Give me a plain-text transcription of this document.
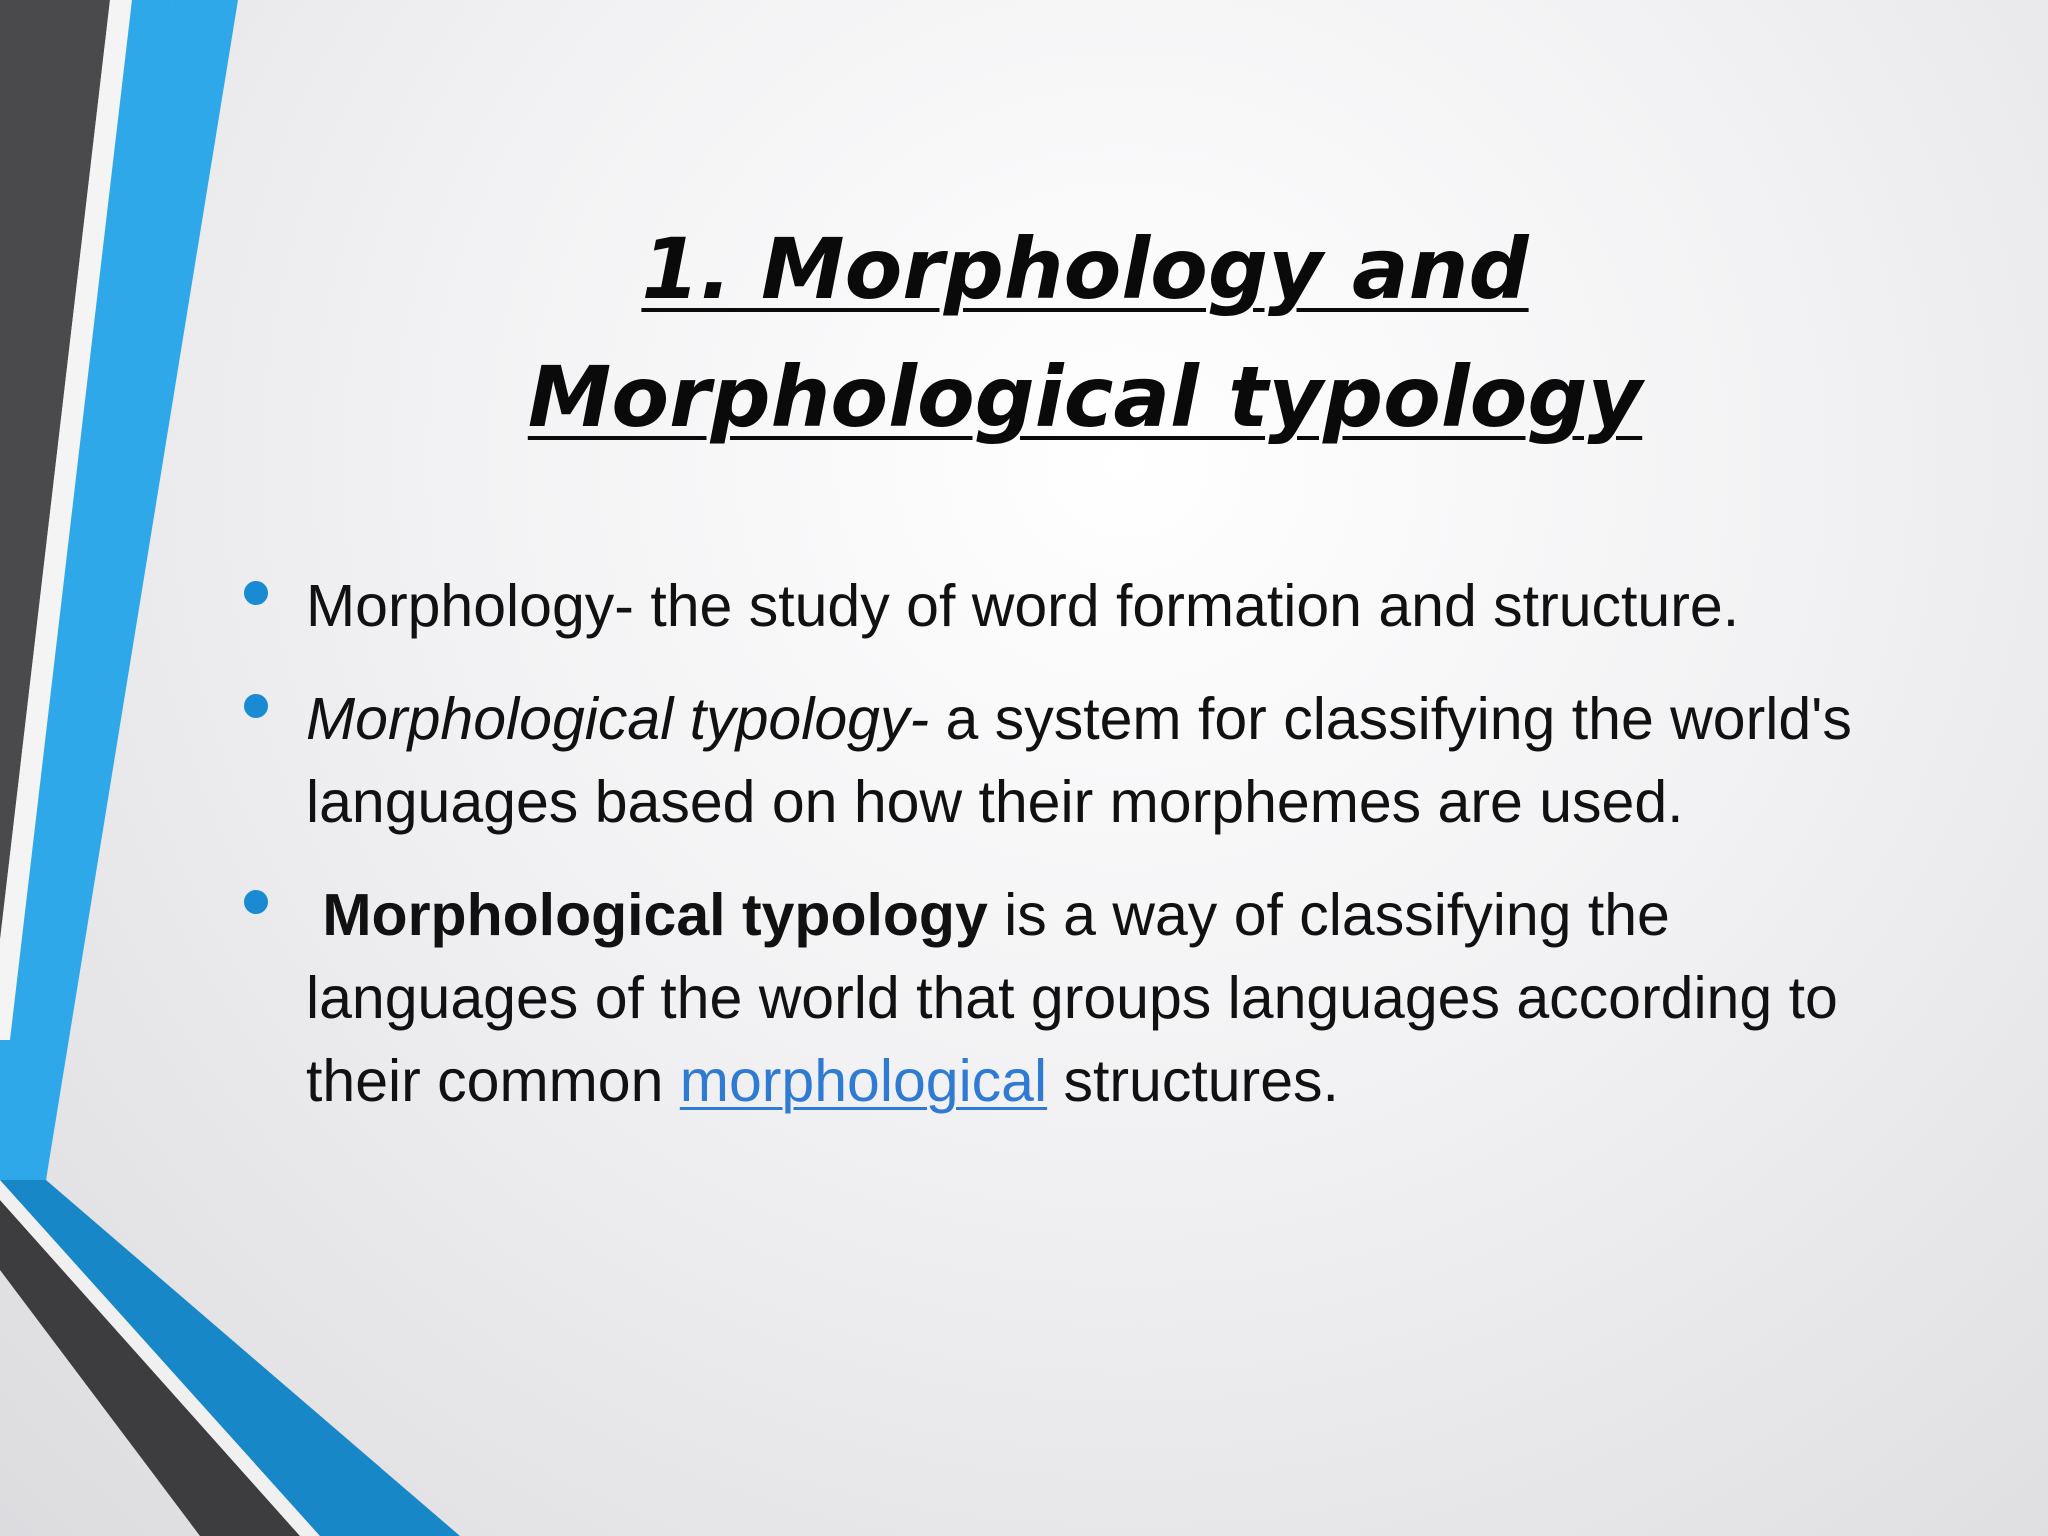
1. Morphology and Morphological typology
Morphology- the study of word formation and structure.
Morphological typology- a system for classifying the world's languages based on how their morphemes are used.
Morphological typology is a way of classifying the languages of the world that groups languages according to their common morphological structures.
